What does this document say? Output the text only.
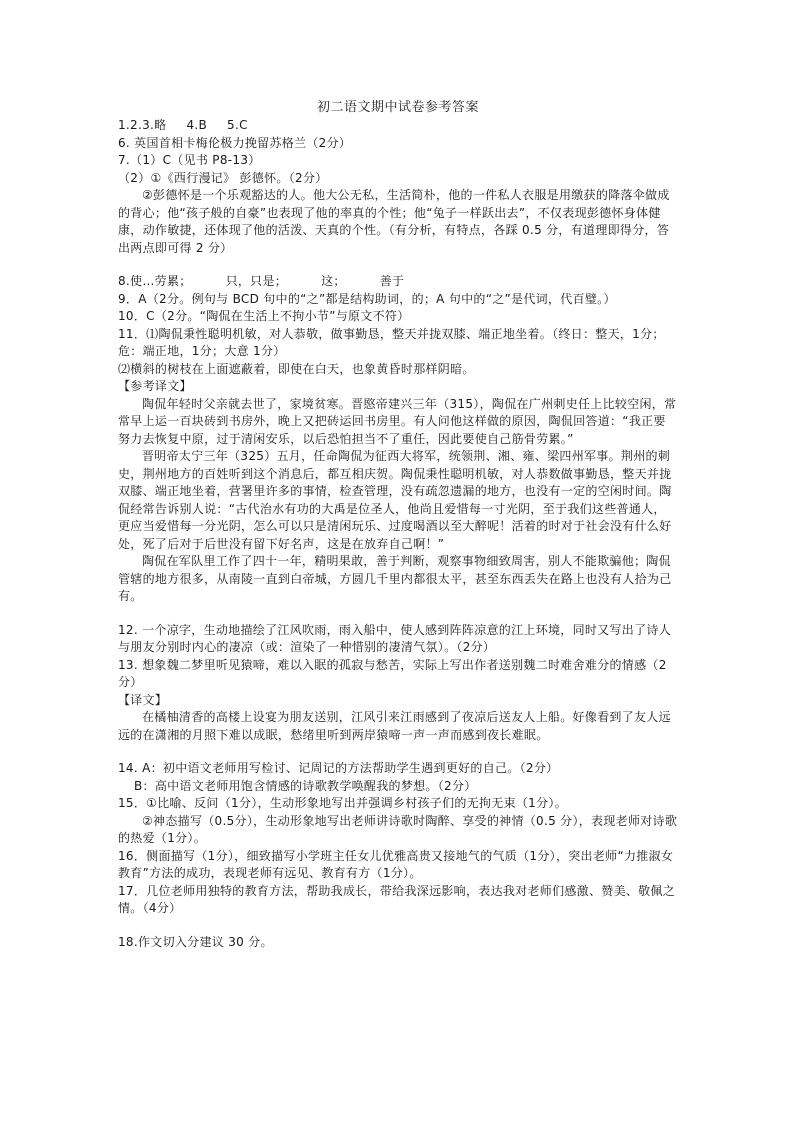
初二语文期中试卷参考答案

1.2.3.略 4.B 5.C

6. 英国首相卡梅伦极力挽留苏格兰（2分）

7.（1）C（见书 P8-13）

（2）①《西行漫记》 彭德怀。（2分）

②彭德怀是一个乐观豁达的人。他大公无私，生活简朴，他的一件私人衣服是用缴获的降落伞做成的背心；他“孩子般的自豪”也表现了他的率真的个性；他“兔子一样跃出去”，不仅表现彭德怀身体健康，动作敏捷，还体现了他的活泼、天真的个性。（有分析，有特点，各踩 0.5 分，有道理即得分，答出两点即可得 2 分）

8.使…劳累；	只，只是；	这；	善于

9．A（2分。例句与 BCD 句中的“之”都是结构助词，的；A 句中的“之”是代词，代百璧。）

10．C（2分。“陶侃在生活上不拘小节”与原文不符）

11．⑴陶侃秉性聪明机敏，对人恭敬，做事勤恳，整天并拢双膝、端正地坐着。（终日：整天，1分；危：端正地，1分；大意 1分）

⑵横斜的树枝在上面遮蔽着，即使在白天，也象黄昏时那样阴暗。

【参考译文】

陶侃年轻时父亲就去世了，家境贫寒。晋愍帝建兴三年（315），陶侃在广州刺史任上比较空闲，常常早上运一百块砖到书房外，晚上又把砖运回书房里。有人问他这样做的原因，陶侃回答道：“我正要努力去恢复中原，过于清闲安乐，以后恐怕担当不了重任，因此要使自己筋骨劳累。”

晋明帝太宁三年（325）五月，任命陶侃为征西大将军，统领荆、湘、雍、梁四州军事。荆州的刺史，荆州地方的百姓听到这个消息后，都互相庆贺。陶侃秉性聪明机敏，对人恭数做事勤恳，整天并拢双膝、端正地坐着，营署里许多的事情，检查管理，没有疏忽遗漏的地方，也没有一定的空闲时间。陶侃经常告诉别人说：“古代治水有功的大禹是位圣人，他尚且爱惜每一寸光阴，至于我们这些普通人，更应当爱惜每一分光阴，怎么可以只是清闲玩乐、过度喝酒以至大醉呢！活着的时对于社会没有什么好处，死了后对于后世没有留下好名声，这是在放弃自己啊！”

陶侃在军队里工作了四十一年，精明果敢，善于判断，观察事物细致周害，别人不能欺骗他；陶侃管辖的地方很多，从南陵一直到白帝城，方圆几千里内都很太平，甚至东西丢失在路上也没有人拾为己有。

12. 一个凉字，生动地描绘了江风吹雨，雨入船中，使人感到阵阵凉意的江上环境，同时又写出了诗人与朋友分别时内心的凄凉（或：渲染了一种惜别的凄清气氛）。（2分）

13. 想象魏二梦里听见猿啼，难以入眠的孤寂与愁苦，实际上写出作者送别魏二时难舍难分的情感（2分）

【译文】

在橘柚清香的高楼上设宴为朋友送别，江风引来江雨感到了夜凉后送友人上船。好像看到了友人远远的在潇湘的月照下难以成眠，愁绪里听到两岸猿啼一声一声而感到夜长难眠。

14. A：初中语文老师用写检讨、记周记的方法帮助学生遇到更好的自己。（2分）

B：高中语文老师用饱含情感的诗歌教学唤醒我的梦想。（2分）

15．①比喻、反问（1分），生动形象地写出并强调乡村孩子们的无拘无束（1分）。

②神态描写（0.5分），生动形象地写出老师讲诗歌时陶醉、享受的神情（0.5 分），表现老师对诗歌的热爱（1分）。

16．侧面描写（1分），细致描写小学班主任女儿优雅高贵又接地气的气质（1分），突出老师“力推淑女教育”方法的成功，表现老师有远见、教育有方（1分）。

17．几位老师用独特的教育方法，帮助我成长，带给我深远影响，表达我对老师们感激、赞美、敬佩之情。（4分）

18.作文切入分建议 30 分。
